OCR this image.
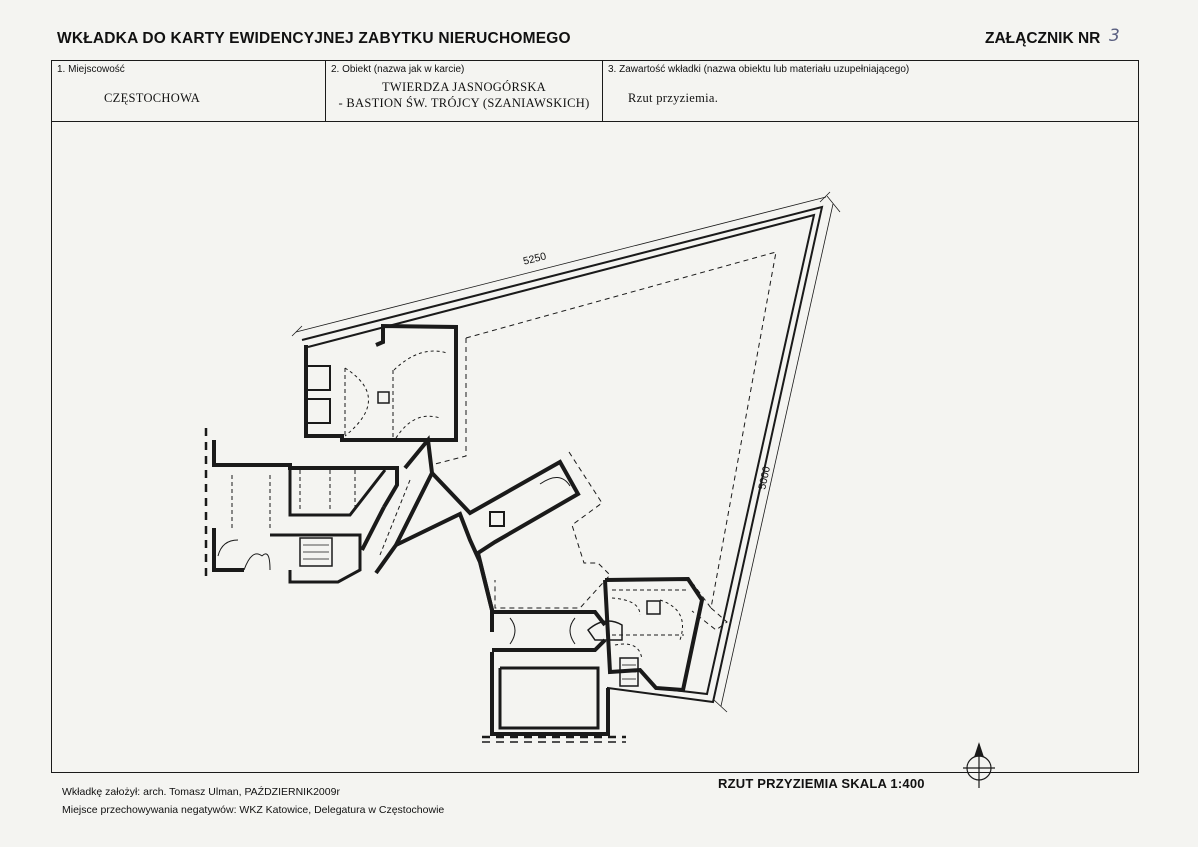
WKŁADKA DO KARTY EWIDENCYJNEJ ZABYTKU NIERUCHOMEGO	ZAŁĄCZNIK NR 3
1. Miejscowość
CZĘSTOCHOWA
2. Obiekt (nazwa jak w karcie)
TWIERDZA JASNOGÓRSKA
- BASTION ŚW. TRÓJCY (SZANIAWSKICH)
3. Zawartość wkładki (nazwa obiektu lub materiału uzupełniającego)
Rzut przyziemia.
5250
5000
RZUT PRZYZIEMIA SKALA 1:400
Wkładkę założył: arch. Tomasz Ulman, PAŹDZIERNIK2009r
Miejsce przechowywania negatywów: WKZ Katowice, Delegatura w Częstochowie
